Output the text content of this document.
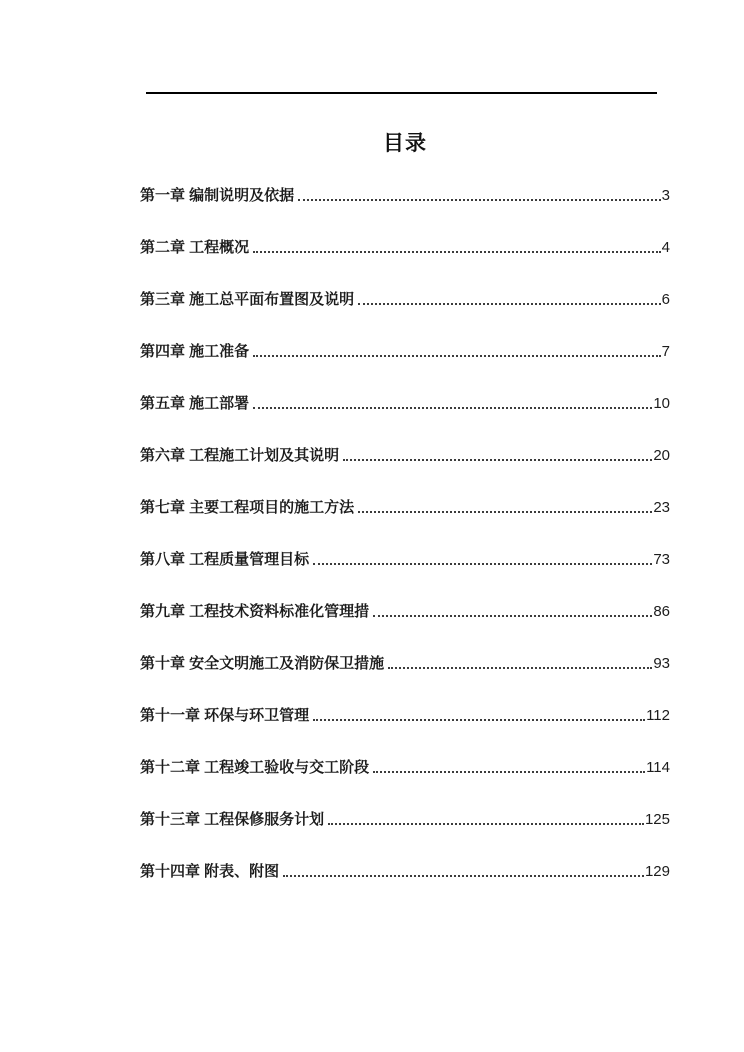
目录
第一章 编制说明及依据	3
第二章 工程概况	4
第三章 施工总平面布置图及说明	6
第四章 施工准备	7
第五章 施工部署	10
第六章 工程施工计划及其说明	20
第七章 主要工程项目的施工方法	23
第八章 工程质量管理目标	73
第九章 工程技术资料标准化管理措	86
第十章 安全文明施工及消防保卫措施	93
第十一章 环保与环卫管理	112
第十二章 工程竣工验收与交工阶段	114
第十三章 工程保修服务计划	125
第十四章 附表、附图	129
